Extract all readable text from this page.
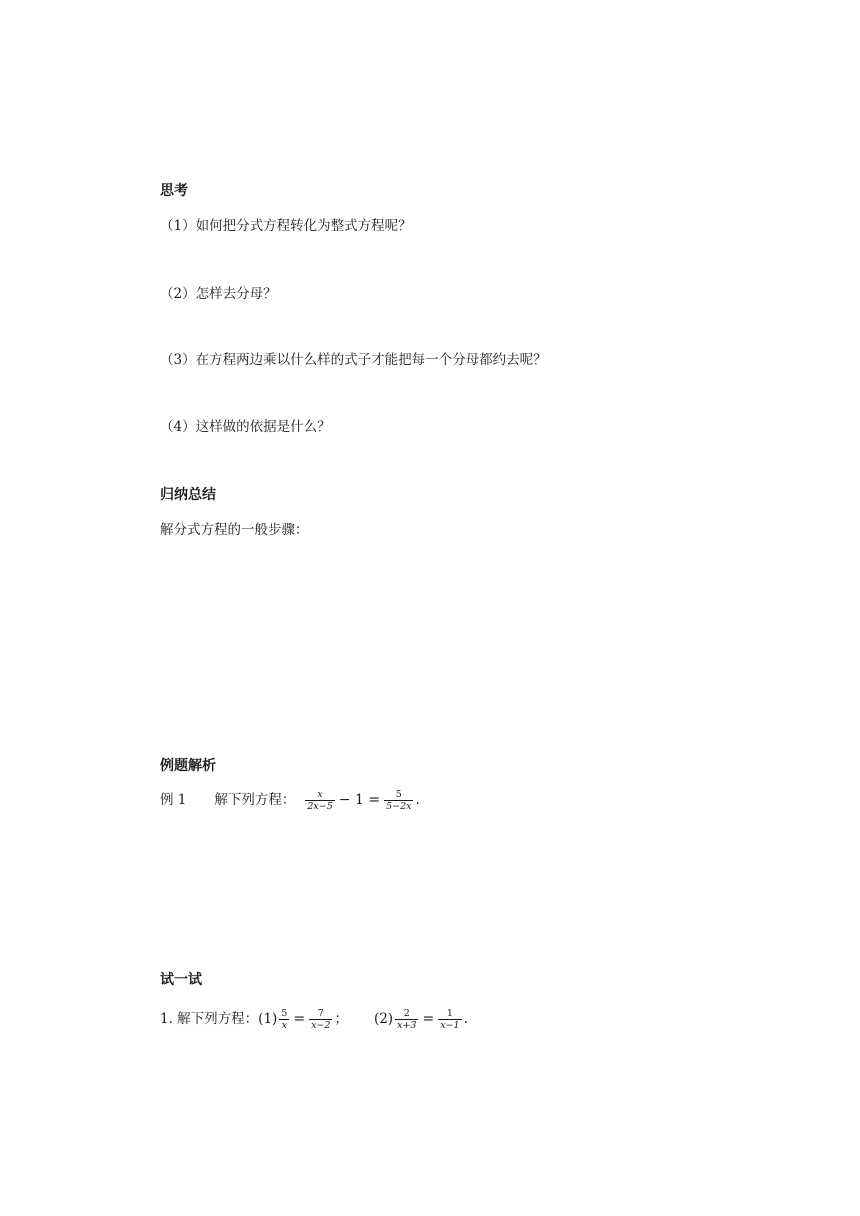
思考
（1）如何把分式方程转化为整式方程呢？
（2）怎样去分母？
（3）在方程两边乘以什么样的式子才能把每一个分母都约去呢？
（4）这样做的依据是什么？
归纳总结
解分式方程的一般步骤：
例题解析
例 1 解下列方程： $\frac{x}{2x-5} - 1 = \frac{5}{5-2x}$ .
试一试
1. 解下列方程：$(1) \frac{5}{x} = \frac{7}{x-2}$ ； $(2) \frac{2}{x+3} = \frac{1}{x-1}$ .
